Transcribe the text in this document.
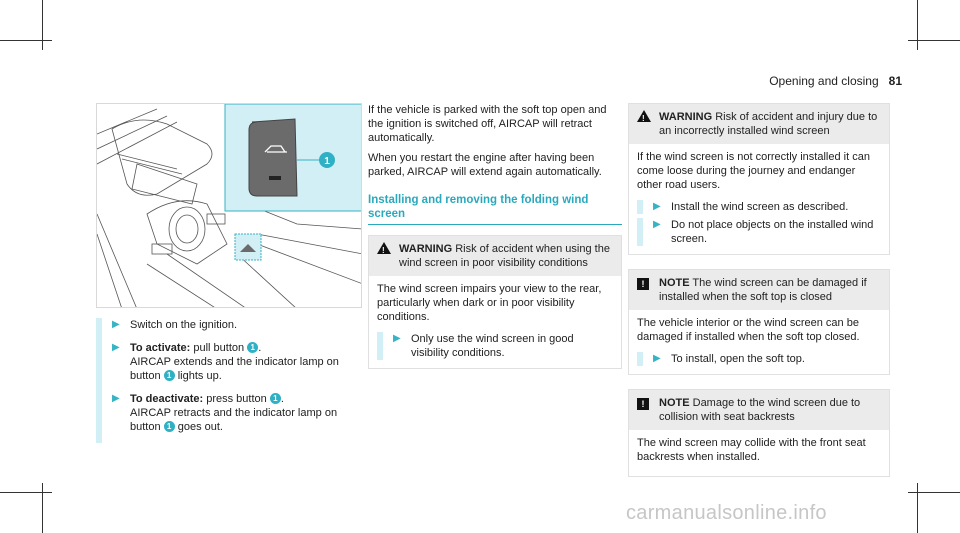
Opening and closing 81
1
▶ Switch on the ignition.

▶ To activate: pull button 1 .
AIRCAP extends and the indicator lamp on button 1 lights up.

▶ To deactivate: press button 1 .
AIRCAP retracts and the indicator lamp on button 1 goes out.

If the vehicle is parked with the soft top open and the ignition is switched off, AIRCAP will retract automatically.

When you restart the engine after having been parked, AIRCAP will extend again automatically.

Installing and removing the folding wind screen
!

WARNING Risk of accident when using the wind screen in poor visibility conditions

The wind screen impairs your view to the rear, particularly when dark or in poor visibility conditions.

▶ Only use the wind screen in good visibility conditions.

!

WARNING Risk of accident and injury due to an incorrectly installed wind screen

If the wind screen is not correctly installed it can come loose during the journey and endanger other road users.

▶ Install the wind screen as described.

▶ Do not place objects on the installed wind screen.

!	NOTE The wind screen can be damaged if installed when the soft top is closed

The vehicle interior or the wind screen can be damaged if installed when the soft top closed.

▶ To install, open the soft top.

!	NOTE Damage to the wind screen due to collision with seat backrests

The wind screen may collide with the front seat backrests when installed.

carmanualsonline.info
